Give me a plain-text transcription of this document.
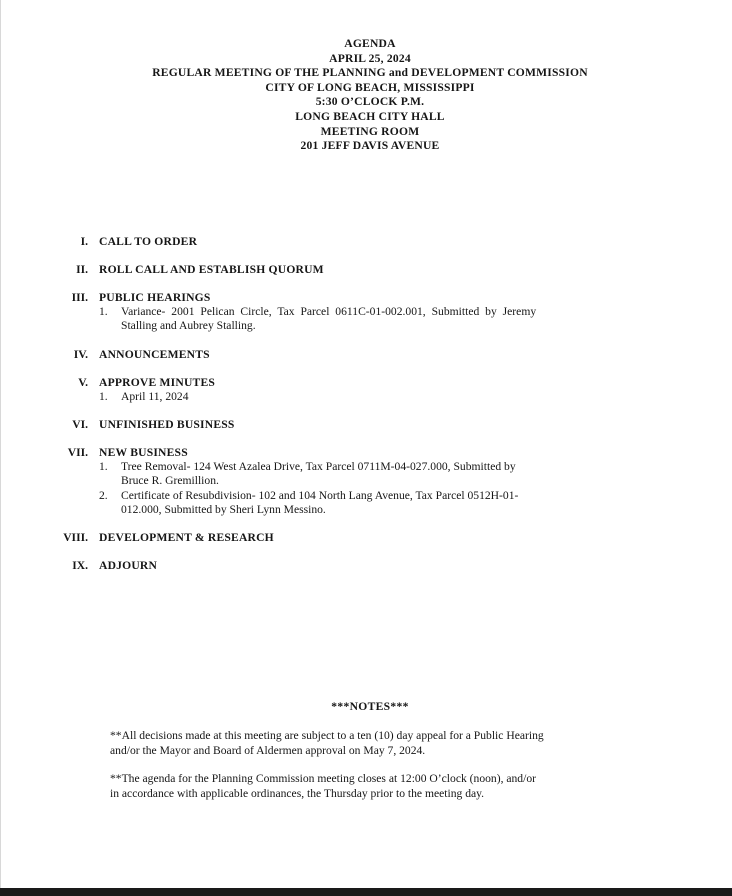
AGENDA
APRIL 25, 2024
REGULAR MEETING OF THE PLANNING and DEVELOPMENT COMMISSION
CITY OF LONG BEACH, MISSISSIPPI
5:30 O’CLOCK P.M.
LONG BEACH CITY HALL
MEETING ROOM
201 JEFF DAVIS AVENUE
I. CALL TO ORDER
II. ROLL CALL AND ESTABLISH QUORUM
III. PUBLIC HEARINGS
1. Variance- 2001 Pelican Circle, Tax Parcel 0611C-01-002.001, Submitted by Jeremy
Stalling and Aubrey Stalling.
IV. ANNOUNCEMENTS
V. APPROVE MINUTES
1. April 11, 2024
VI. UNFINISHED BUSINESS
VII. NEW BUSINESS
1. Tree Removal- 124 West Azalea Drive, Tax Parcel 0711M-04-027.000, Submitted by
Bruce R. Gremillion.
2. Certificate of Resubdivision- 102 and 104 North Lang Avenue, Tax Parcel 0512H-01-
012.000, Submitted by Sheri Lynn Messino.
VIII. DEVELOPMENT & RESEARCH
IX. ADJOURN
***NOTES***
**All decisions made at this meeting are subject to a ten (10) day appeal for a Public Hearing
and/or the Mayor and Board of Aldermen approval on May 7, 2024.
**The agenda for the Planning Commission meeting closes at 12:00 O’clock (noon), and/or
in accordance with applicable ordinances, the Thursday prior to the meeting day.
